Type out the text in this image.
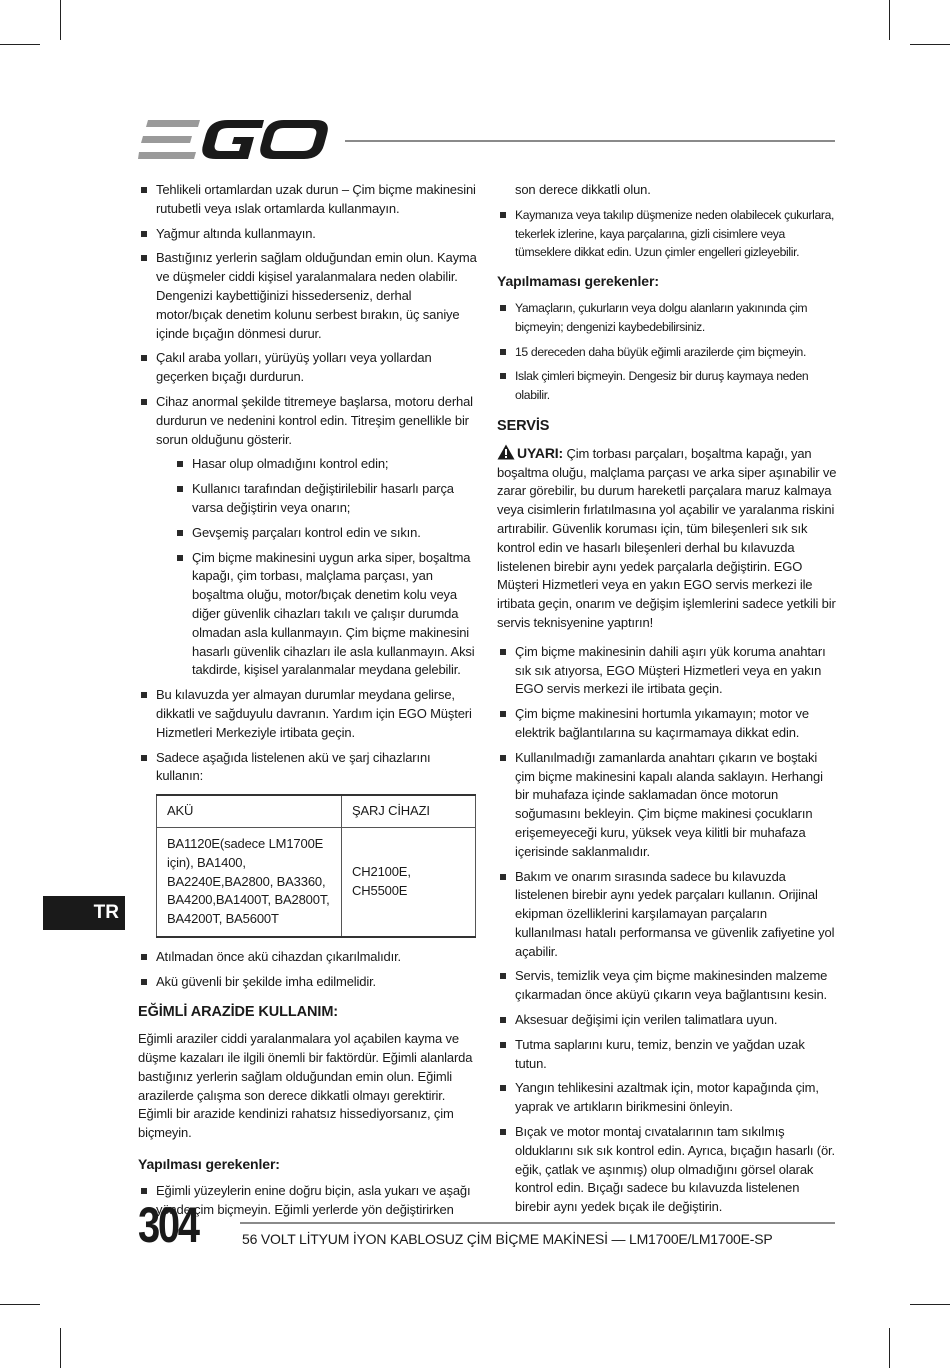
Tehlikeli ortamlardan uzak durun – Çim biçme makinesini rutubetli veya ıslak ortamlarda kullanmayın.
Yağmur altında kullanmayın.
Bastığınız yerlerin sağlam olduğundan emin olun. Kayma ve düşmeler ciddi kişisel yaralanmalara neden olabilir. Dengenizi kaybettiğinizi hissederseniz, derhal motor/bıçak denetim kolunu serbest bırakın, üç saniye içinde bıçağın dönmesi durur.
Çakıl araba yolları, yürüyüş yolları veya yollardan geçerken bıçağı durdurun.
Cihaz anormal şekilde titremeye başlarsa, motoru derhal durdurun ve nedenini kontrol edin. Titreşim genellikle bir sorun olduğunu gösterir.
Hasar olup olmadığını kontrol edin;
Kullanıcı tarafından değiştirilebilir hasarlı parça varsa değiştirin veya onarın;
Gevşemiş parçaları kontrol edin ve sıkın.
Çim biçme makinesini uygun arka siper, boşaltma kapağı, çim torbası, malçlama parçası, yan boşaltma oluğu, motor/bıçak denetim kolu veya diğer güvenlik cihazları takılı ve çalışır durumda olmadan asla kullanmayın. Çim biçme makinesini hasarlı güvenlik cihazları ile asla kullanmayın. Aksi takdirde, kişisel yaralanmalar meydana gelebilir.
Bu kılavuzda yer almayan durumlar meydana gelirse, dikkatli ve sağduyulu davranın. Yardım için EGO Müşteri Hizmetleri Merkeziyle irtibata geçin.
Sadece aşağıda listelenen akü ve şarj cihazlarını kullanın:
AKÜ	ŞARJ CİHAZI
BA1120E(sadece LM1700E için), BA1400, BA2240E,BA2800, BA3360, BA4200,BA1400T, BA2800T, BA4200T, BA5600T	CH2100E, CH5500E
Atılmadan önce akü cihazdan çıkarılmalıdır.
Akü güvenli bir şekilde imha edilmelidir.
EĞİMLİ ARAZİDE KULLANIM:

Eğimli araziler ciddi yaralanmalara yol açabilen kayma ve düşme kazaları ile ilgili önemli bir faktördür. Eğimli alanlarda bastığınız yerlerin sağlam olduğundan emin olun. Eğimli arazilerde çalışma son derece dikkatli olmayı gerektirir. Eğimli bir arazide kendinizi rahatsız hissediyorsanız, çim biçmeyin.

Yapılması gerekenler:
Eğimli yüzeylerin enine doğru biçin, asla yukarı ve aşağı yönde çim biçmeyin. Eğimli yerlerde yön değiştirirken

son derece dikkatli olun.

Kaymanıza veya takılıp düşmenize neden olabilecek çukurlara, tekerlek izlerine, kaya parçalarına, gizli cisimlere veya tümseklere dikkat edin. Uzun çimler engelleri gizleyebilir.
Yapılmaması gerekenler:
Yamaçların, çukurların veya dolgu alanların yakınında çim biçmeyin; dengenizi kaybedebilirsiniz.
15 dereceden daha büyük eğimli arazilerde çim biçmeyin.
Islak çimleri biçmeyin. Dengesiz bir duruş kaymaya neden olabilir.
SERVİS

UYARI: Çim torbası parçaları, boşaltma kapağı, yan boşaltma oluğu, malçlama parçası ve arka siper aşınabilir ve zarar görebilir, bu durum hareketli parçalara maruz kalmaya veya cisimlerin fırlatılmasına yol açabilir ve yaralanma riskini artırabilir. Güvenlik koruması için, tüm bileşenleri sık sık kontrol edin ve hasarlı bileşenleri derhal bu kılavuzda listelenen birebir aynı yedek parçalarla değiştirin. EGO Müşteri Hizmetleri veya en yakın EGO servis merkezi ile irtibata geçin, onarım ve değişim işlemlerini sadece yetkili bir servis teknisyenine yaptırın!

Çim biçme makinesinin dahili aşırı yük koruma anahtarı sık sık atıyorsa, EGO Müşteri Hizmetleri veya en yakın EGO servis merkezi ile irtibata geçin.
Çim biçme makinesini hortumla yıkamayın; motor ve elektrik bağlantılarına su kaçırmamaya dikkat edin.
Kullanılmadığı zamanlarda anahtarı çıkarın ve boştaki çim biçme makinesini kapalı alanda saklayın. Herhangi bir muhafaza içinde saklamadan önce motorun soğumasını bekleyin. Çim biçme makinesi çocukların erişemeyeceği kuru, yüksek veya kilitli bir muhafaza içerisinde saklanmalıdır.
Bakım ve onarım sırasında sadece bu kılavuzda listelenen birebir aynı yedek parçaları kullanın. Orijinal ekipman özelliklerini karşılamayan parçaların kullanılması hatalı performansa ve güvenlik zafiyetine yol açabilir.
Servis, temizlik veya çim biçme makinesinden malzeme çıkarmadan önce aküyü çıkarın veya bağlantısını kesin.
Aksesuar değişimi için verilen talimatlara uyun.
Tutma saplarını kuru, temiz, benzin ve yağdan uzak tutun.
Yangın tehlikesini azaltmak için, motor kapağında çim, yaprak ve artıkların birikmesini önleyin.
Bıçak ve motor montaj cıvatalarının tam sıkılmış olduklarını sık sık kontrol edin. Ayrıca, bıçağın hasarlı (ör. eğik, çatlak ve aşınmış) olup olmadığını görsel olarak kontrol edin. Bıçağı sadece bu kılavuzda listelenen birebir aynı yedek bıçak ile değiştirin.
TR
304	56 VOLT LİTYUM İYON KABLOSUZ ÇİM BİÇME MAKİNESİ — LM1700E/LM1700E-SP
